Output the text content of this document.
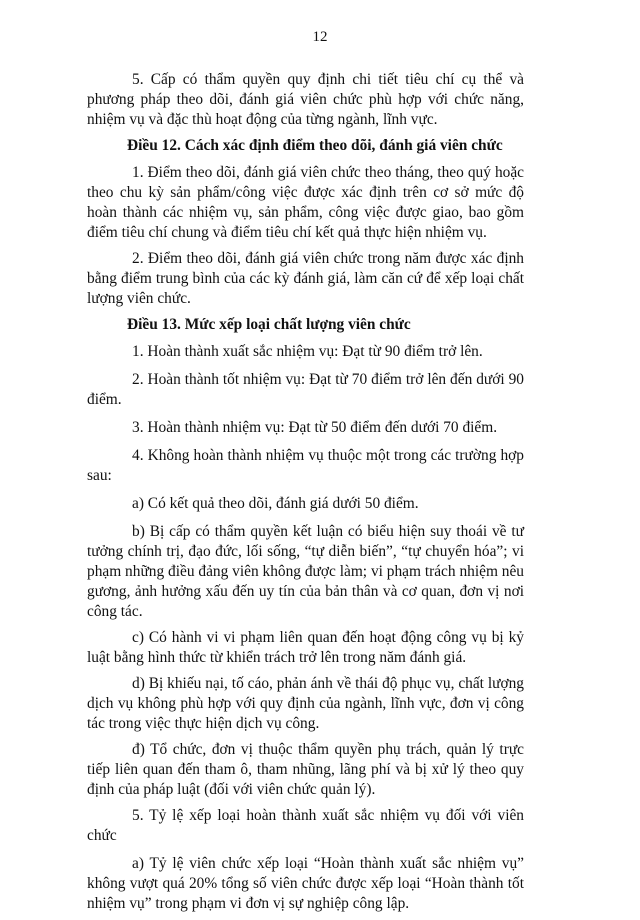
12

5. Cấp có thẩm quyền quy định chi tiết tiêu chí cụ thể và phương pháp theo dõi, đánh giá viên chức phù hợp với chức năng, nhiệm vụ và đặc thù hoạt động của từng ngành, lĩnh vực.

Điều 12. Cách xác định điểm theo dõi, đánh giá viên chức

1. Điểm theo dõi, đánh giá viên chức theo tháng, theo quý hoặc theo chu kỳ sản phẩm/công việc được xác định trên cơ sở mức độ hoàn thành các nhiệm vụ, sản phẩm, công việc được giao, bao gồm điểm tiêu chí chung và điểm tiêu chí kết quả thực hiện nhiệm vụ.

2. Điểm theo dõi, đánh giá viên chức trong năm được xác định bằng điểm trung bình của các kỳ đánh giá, làm căn cứ để xếp loại chất lượng viên chức.

Điều 13. Mức xếp loại chất lượng viên chức

1. Hoàn thành xuất sắc nhiệm vụ: Đạt từ 90 điểm trở lên.

2. Hoàn thành tốt nhiệm vụ: Đạt từ 70 điểm trở lên đến dưới 90 điểm.

3. Hoàn thành nhiệm vụ: Đạt từ 50 điểm đến dưới 70 điểm.

4. Không hoàn thành nhiệm vụ thuộc một trong các trường hợp sau:

a) Có kết quả theo dõi, đánh giá dưới 50 điểm.

b) Bị cấp có thẩm quyền kết luận có biểu hiện suy thoái về tư tưởng chính trị, đạo đức, lối sống, “tự diễn biến”, “tự chuyển hóa”; vi phạm những điều đảng viên không được làm; vi phạm trách nhiệm nêu gương, ảnh hưởng xấu đến uy tín của bản thân và cơ quan, đơn vị nơi công tác.

c) Có hành vi vi phạm liên quan đến hoạt động công vụ bị kỷ luật bằng hình thức từ khiển trách trở lên trong năm đánh giá.

d) Bị khiếu nại, tố cáo, phản ánh về thái độ phục vụ, chất lượng dịch vụ không phù hợp với quy định của ngành, lĩnh vực, đơn vị công tác trong việc thực hiện dịch vụ công.

đ) Tổ chức, đơn vị thuộc thẩm quyền phụ trách, quản lý trực tiếp liên quan đến tham ô, tham nhũng, lãng phí và bị xử lý theo quy định của pháp luật (đối với viên chức quản lý).

5. Tỷ lệ xếp loại hoàn thành xuất sắc nhiệm vụ đối với viên chức

a) Tỷ lệ viên chức xếp loại “Hoàn thành xuất sắc nhiệm vụ” không vượt quá 20% tổng số viên chức được xếp loại “Hoàn thành tốt nhiệm vụ” trong phạm vi đơn vị sự nghiệp công lập.
